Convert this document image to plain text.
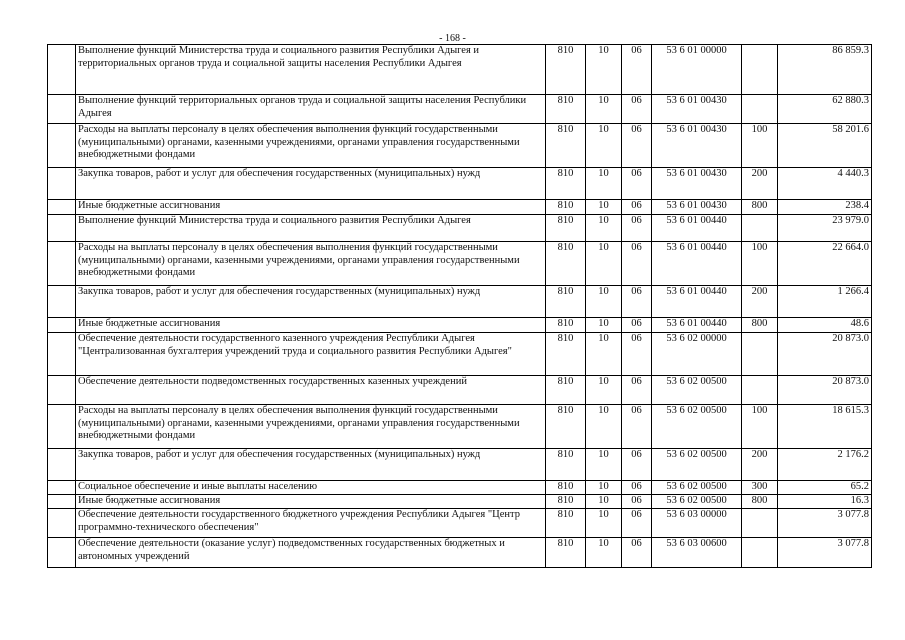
- 168 -
	Выполнение функций Министерства труда и социального развития Республики Адыгея и территориальных органов труда и социальной защиты населения Республики Адыгея	810	10	06	53 6 01 00000		86 859.3
	Выполнение функций территориальных органов труда и социальной защиты населения Республики Адыгея	810	10	06	53 6 01 00430		62 880.3
	Расходы на выплаты персоналу в целях обеспечения выполнения функций государственными (муниципальными) органами, казенными учреждениями, органами управления государственными внебюджетными фондами	810	10	06	53 6 01 00430	100	58 201.6
	Закупка товаров, работ и услуг для обеспечения государственных (муниципальных) нужд	810	10	06	53 6 01 00430	200	4 440.3
	Иные бюджетные ассигнования	810	10	06	53 6 01 00430	800	238.4
	Выполнение функций Министерства труда и социального развития Республики Адыгея	810	10	06	53 6 01 00440		23 979.0
	Расходы на выплаты персоналу в целях обеспечения выполнения функций государственными (муниципальными) органами, казенными учреждениями, органами управления государственными внебюджетными фондами	810	10	06	53 6 01 00440	100	22 664.0
	Закупка товаров, работ и услуг для обеспечения государственных (муниципальных) нужд	810	10	06	53 6 01 00440	200	1 266.4
	Иные бюджетные ассигнования	810	10	06	53 6 01 00440	800	48.6
	Обеспечение деятельности государственного казенного учреждения Республики Адыгея "Централизованная бухгалтерия учреждений труда и социального развития Республики Адыгея"	810	10	06	53 6 02 00000		20 873.0
	Обеспечение деятельности подведомственных государственных казенных учреждений	810	10	06	53 6 02 00500		20 873.0
	Расходы на выплаты персоналу в целях обеспечения выполнения функций государственными (муниципальными) органами, казенными учреждениями, органами управления государственными внебюджетными фондами	810	10	06	53 6 02 00500	100	18 615.3
	Закупка товаров, работ и услуг для обеспечения государственных (муниципальных) нужд	810	10	06	53 6 02 00500	200	2 176.2
	Социальное обеспечение и иные выплаты населению	810	10	06	53 6 02 00500	300	65.2
	Иные бюджетные ассигнования	810	10	06	53 6 02 00500	800	16.3
	Обеспечение деятельности государственного бюджетного учреждения Республики Адыгея "Центр программно-технического обеспечения"	810	10	06	53 6 03 00000		3 077.8
	Обеспечение деятельности (оказание услуг) подведомственных государственных бюджетных и автономных учреждений	810	10	06	53 6 03 00600		3 077.8
